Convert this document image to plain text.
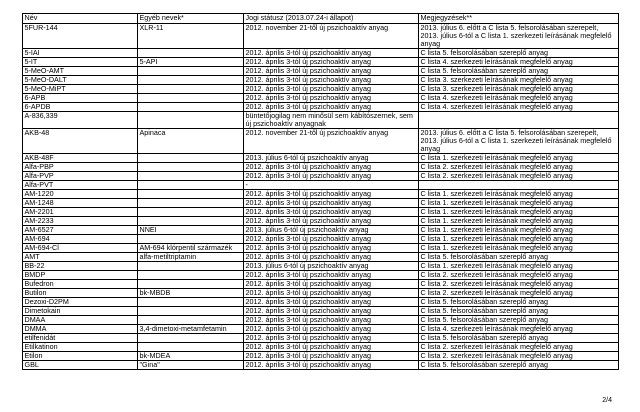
Név	Egyéb nevek*	Jogi státusz (2013.07.24-i állapot)	Megjegyzések**
5FUR-144	XLR-11	2012. november 21-től új pszichoaktív anyag	2013. július 6. előtt a C lista 5. felsorolásában szerepelt, 2013. július 6-tól a C lista 1. szerkezeti leírásának megfelelő anyag
5-IAI		2012. április 3-tól új pszichoaktív anyag	C lista 5. felsorolásában szereplő anyag
5-IT	5-API	2012. április 3-tól új pszichoaktív anyag	C lista 4. szerkezeti leírásának megfelelő anyag
5-MeO-AMT		2012. április 3-tól új pszichoaktív anyag	C lista 5. felsorolásában szereplő anyag
5-MeO-DALT		2012. április 3-tól új pszichoaktív anyag	C lista 3. szerkezeti leírásának megfelelő anyag
5-MeO-MiPT		2012. április 3-tól új pszichoaktív anyag	C lista 3. szerkezeti leírásának megfelelő anyag
6-APB		2012. április 3-tól új pszichoaktív anyag	C lista 4. szerkezeti leírásának megfelelő anyag
6-APDB		2012. április 3-tól új pszichoaktív anyag	C lista 4. szerkezeti leírásának megfelelő anyag
A-836,339		büntetőjogilag nem minősül sem kábítószernek, sem új pszichoaktív anyagnak	
AKB-48	Apinaca	2012. november 21-től új pszichoaktív anyag	2013. július 6. előtt a C lista 5. felsorolásában szerepelt, 2013. július 6-tól a C lista 1. szerkezeti leírásának megfelelő anyag
AKB-48F		2013. július 6-tól új pszichoaktív anyag	C lista 1. szerkezeti leírásának megfelelő anyag
Alfa-PBP		2012. április 3-tól új pszichoaktív anyag	C lista 2. szerkezeti leírásának megfelelő anyag
Alfa-PVP		2012. április 3-tól új pszichoaktív anyag	C lista 2. szerkezeti leírásának megfelelő anyag
Alfa-PVT		-	
AM-1220		2012. április 3-tól új pszichoaktív anyag	C lista 1. szerkezeti leírásának megfelelő anyag
AM-1248		2012. április 3-tól új pszichoaktív anyag	C lista 1. szerkezeti leírásának megfelelő anyag
AM-2201		2012. április 3-tól új pszichoaktív anyag	C lista 1. szerkezeti leírásának megfelelő anyag
AM-2233		2012. április 3-tól új pszichoaktív anyag	C lista 1. szerkezeti leírásának megfelelő anyag
AM-6527	NNEI	2013. július 6-tól új pszichoaktív anyag	C lista 1. szerkezeti leírásának megfelelő anyag
AM-694		2012. április 3-tól új pszichoaktív anyag	C lista 1. szerkezeti leírásának megfelelő anyag
AM-694-Cl	AM-694 klórpentil származék	2012. április 3-tól új pszichoaktív anyag	C lista 1. szerkezeti leírásának megfelelő anyag
AMT	alfa-metiltriptamin	2012. április 3-tól új pszichoaktív anyag	C lista 5. felsorolásában szereplő anyag
BB-22		2013. július 6-tól új pszichoaktív anyag	C lista 1. szerkezeti leírásának megfelelő anyag
BMDP		2012. április 3-tól új pszichoaktív anyag	C lista 2. szerkezeti leírásának megfelelő anyag
Bufedron		2012. április 3-tól új pszichoaktív anyag	C lista 2. szerkezeti leírásának megfelelő anyag
Butilon	bk-MBDB	2012. április 3-tól új pszichoaktív anyag	C lista 2. szerkezeti leírásának megfelelő anyag
Dezoxi-D2PM		2012. április 3-tól új pszichoaktív anyag	C lista 5. felsorolásában szereplő anyag
Dimetokain		2012. április 3-tól új pszichoaktív anyag	C lista 5. felsorolásában szereplő anyag
DMAA		2012. április 3-tól új pszichoaktív anyag	C lista 5. felsorolásában szereplő anyag
DMMA	3,4-dimetoxi-metamfetamin	2012. április 3-tól új pszichoaktív anyag	C lista 4. szerkezeti leírásának megfelelő anyag
etilfenidát		2012. április 3-tól új pszichoaktív anyag	C lista 5. felsorolásában szereplő anyag
Etilkatinon		2012. április 3-tól új pszichoaktív anyag	C lista 2. szerkezeti leírásának megfelelő anyag
Etilon	bk-MDEA	2012. április 3-tól új pszichoaktív anyag	C lista 2. szerkezeti leírásának megfelelő anyag
GBL	"Gina"	2012. április 3-tól új pszichoaktív anyag	C lista 5. felsorolásában szereplő anyag
2/4
